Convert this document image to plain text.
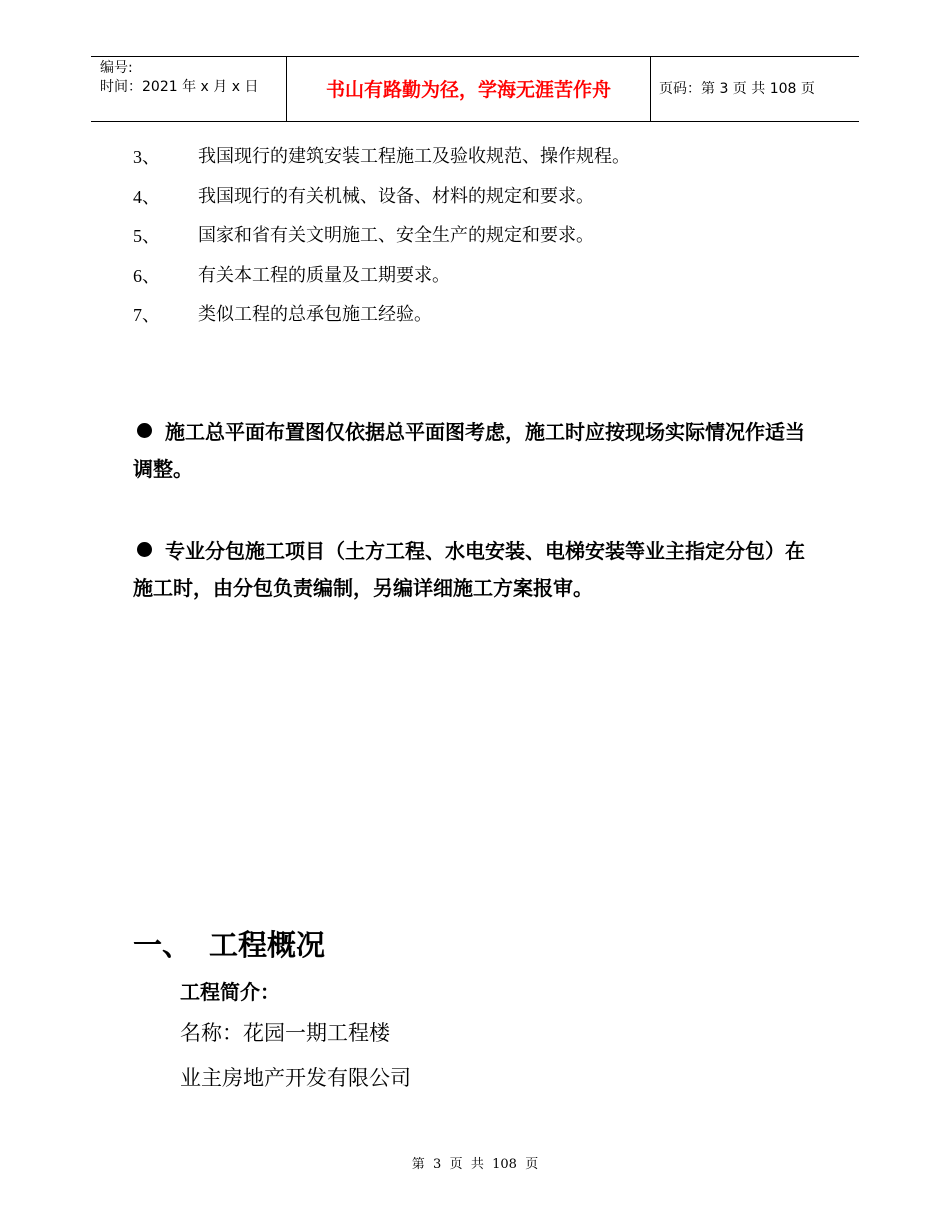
编号:
时间：2021 年 x 月 x 日	书山有路勤为径，学海无涯苦作舟	页码：第 3 页 共 108 页
3、 我国现行的建筑安装工程施工及验收规范、操作规程。
4、 我国现行的有关机械、设备、材料的规定和要求。
5、 国家和省有关文明施工、安全生产的规定和要求。
6、 有关本工程的质量及工期要求。
7、 类似工程的总承包施工经验。
施工总平面布置图仅依据总平面图考虑，施工时应按现场实际情况作适当调整。
专业分包施工项目（土方工程、水电安装、电梯安装等业主指定分包）在施工时，由分包负责编制，另编详细施工方案报审。
一、 工程概况
工程简介：
名称：花园一期工程楼
业主房地产开发有限公司
第  3  页  共  108  页
